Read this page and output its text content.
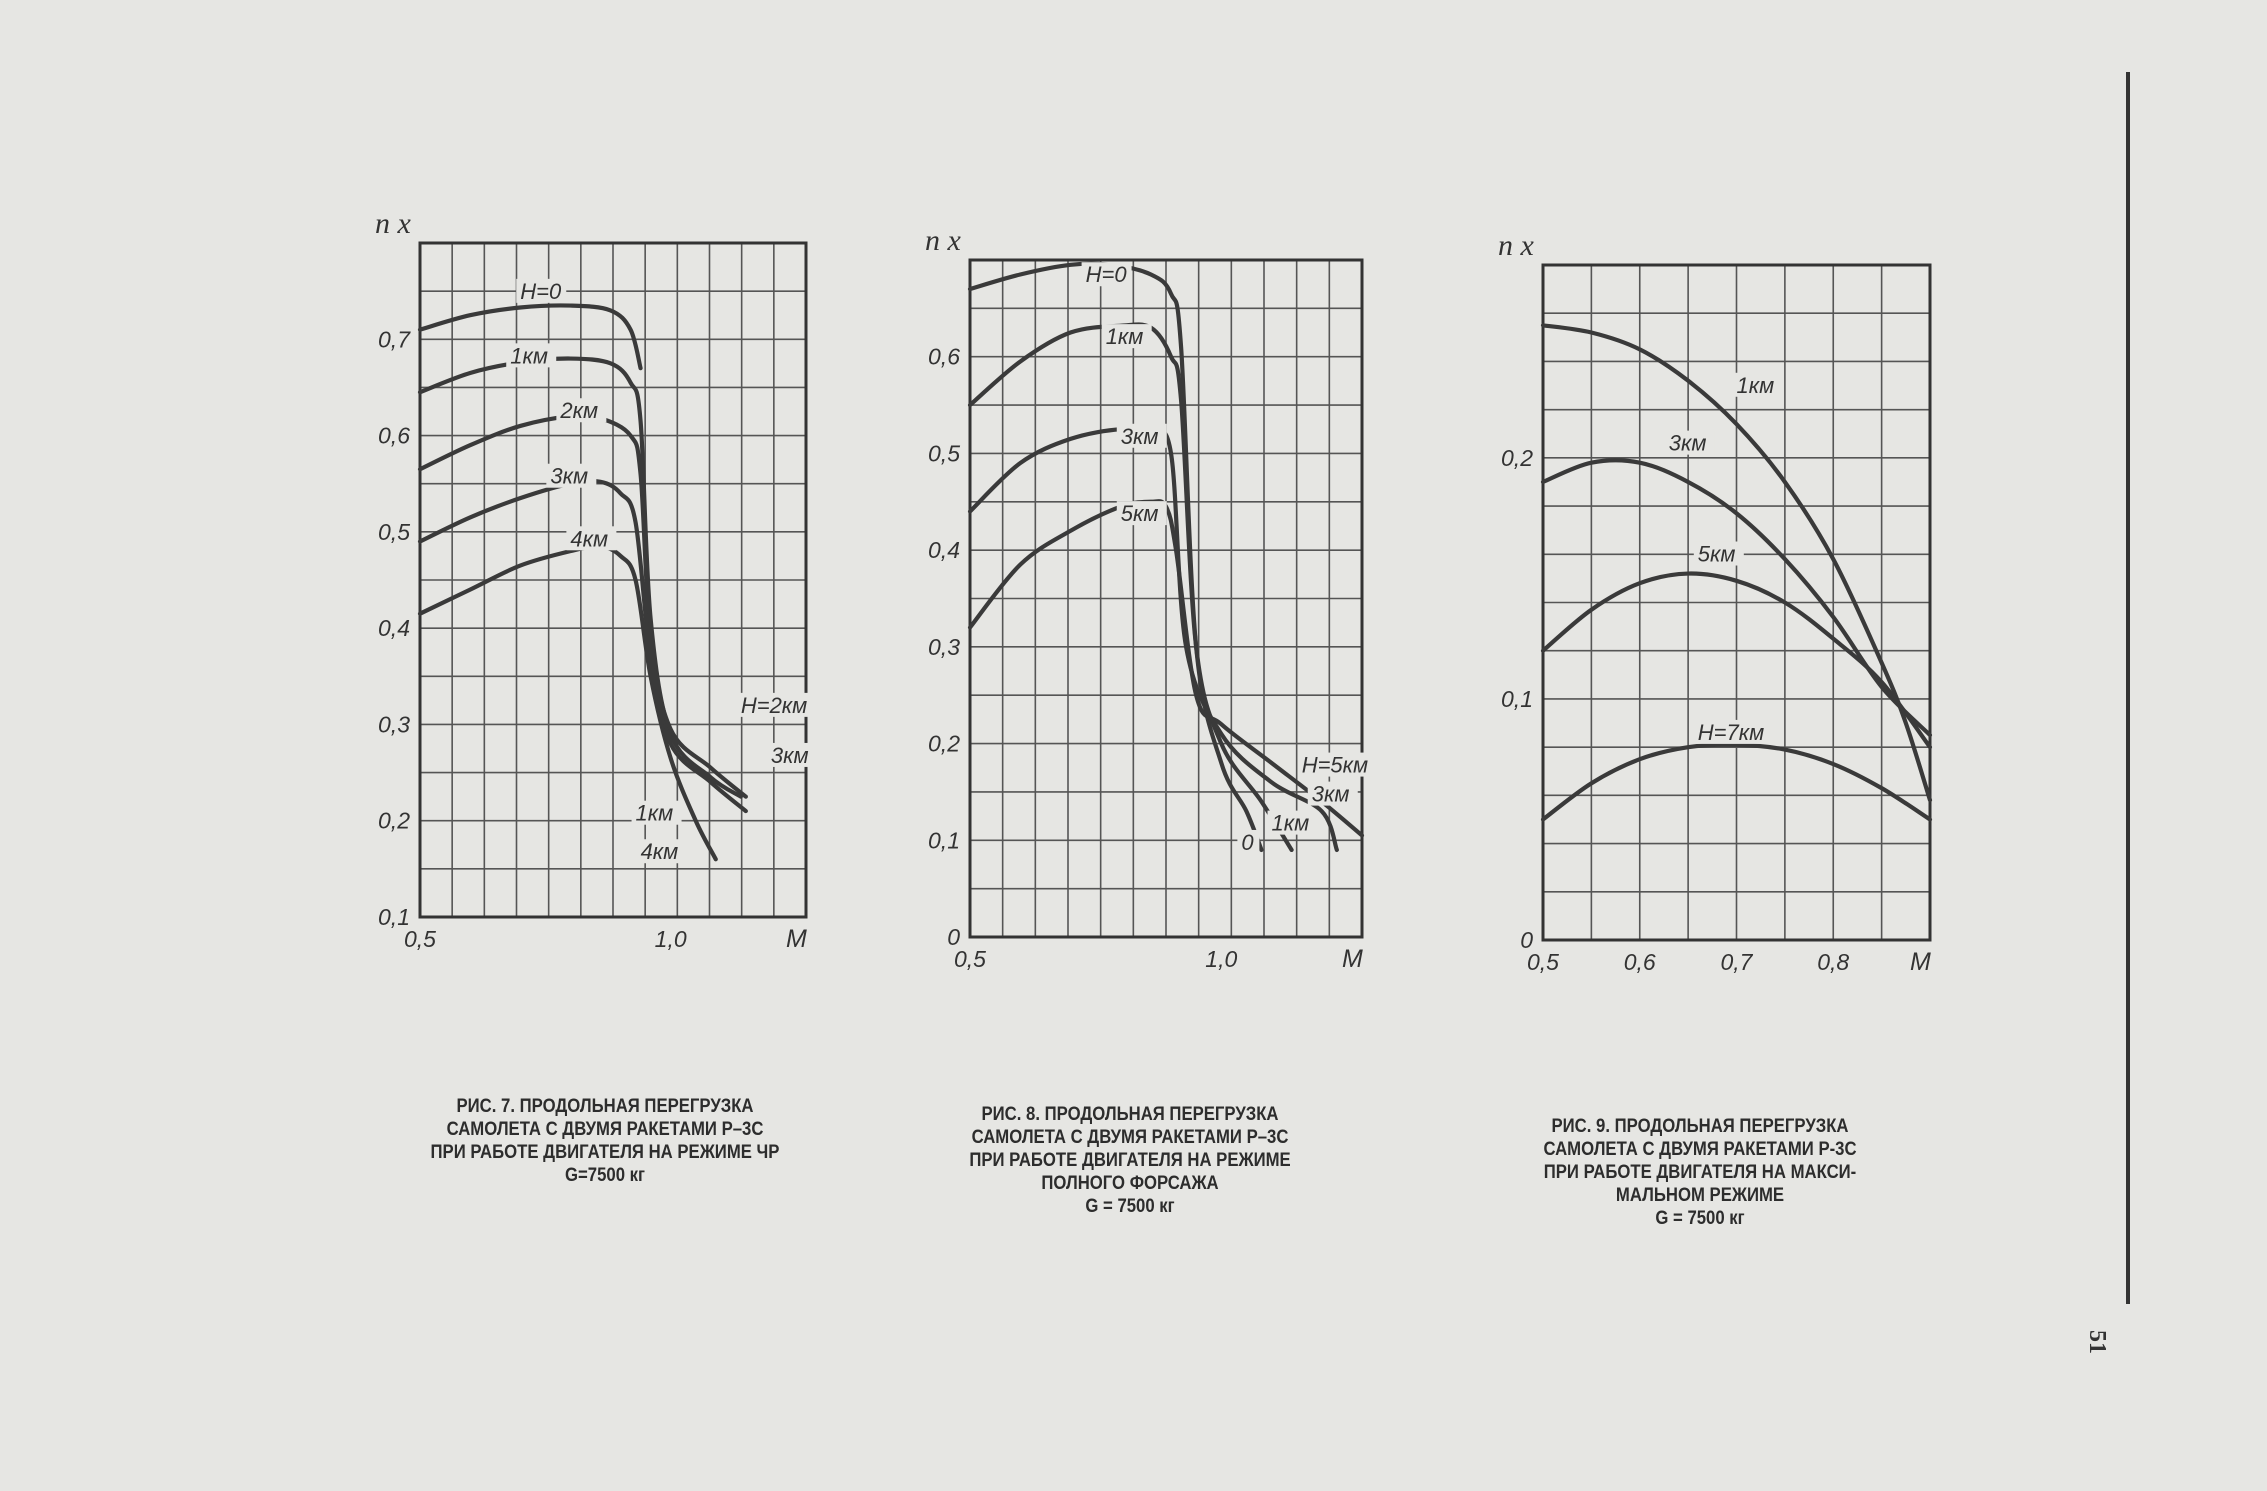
0,1
0,2
0,3
0,4
0,5
0,6
0,7
0,5	1,0
n x
M
H=0
1км
2км
3км
4км
H=2км
3км
1км
4км
0
0,1
0,2
0,3
0,4
0,5
0,6
0,5	1,0
n x
M
H=0
1км
3км
5км
H=5км
3км
1км
0
0
0,1
0,2
0,5	0,6	0,7	0,8
n x
M
1км
3км
5км
H=7км
51
РИС. 7. ПРОДОЛЬНАЯ ПЕРЕГРУЗКА
САМОЛЕТА С ДВУМЯ РАКЕТАМИ Р–3С
ПРИ РАБОТЕ ДВИГАТЕЛЯ НА РЕЖИМЕ ЧР
G=7500 кг
РИС. 8. ПРОДОЛЬНАЯ ПЕРЕГРУЗКА
САМОЛЕТА С ДВУМЯ РАКЕТАМИ Р–3С
ПРИ РАБОТЕ ДВИГАТЕЛЯ НА РЕЖИМЕ
ПОЛНОГО ФОРСАЖА
G = 7500 кг
РИС. 9. ПРОДОЛЬНАЯ ПЕРЕГРУЗКА
САМОЛЕТА С ДВУМЯ РАКЕТАМИ Р-3С
ПРИ РАБОТЕ ДВИГАТЕЛЯ НА МАКСИ-
МАЛЬНОМ РЕЖИМЕ
G = 7500 кг
